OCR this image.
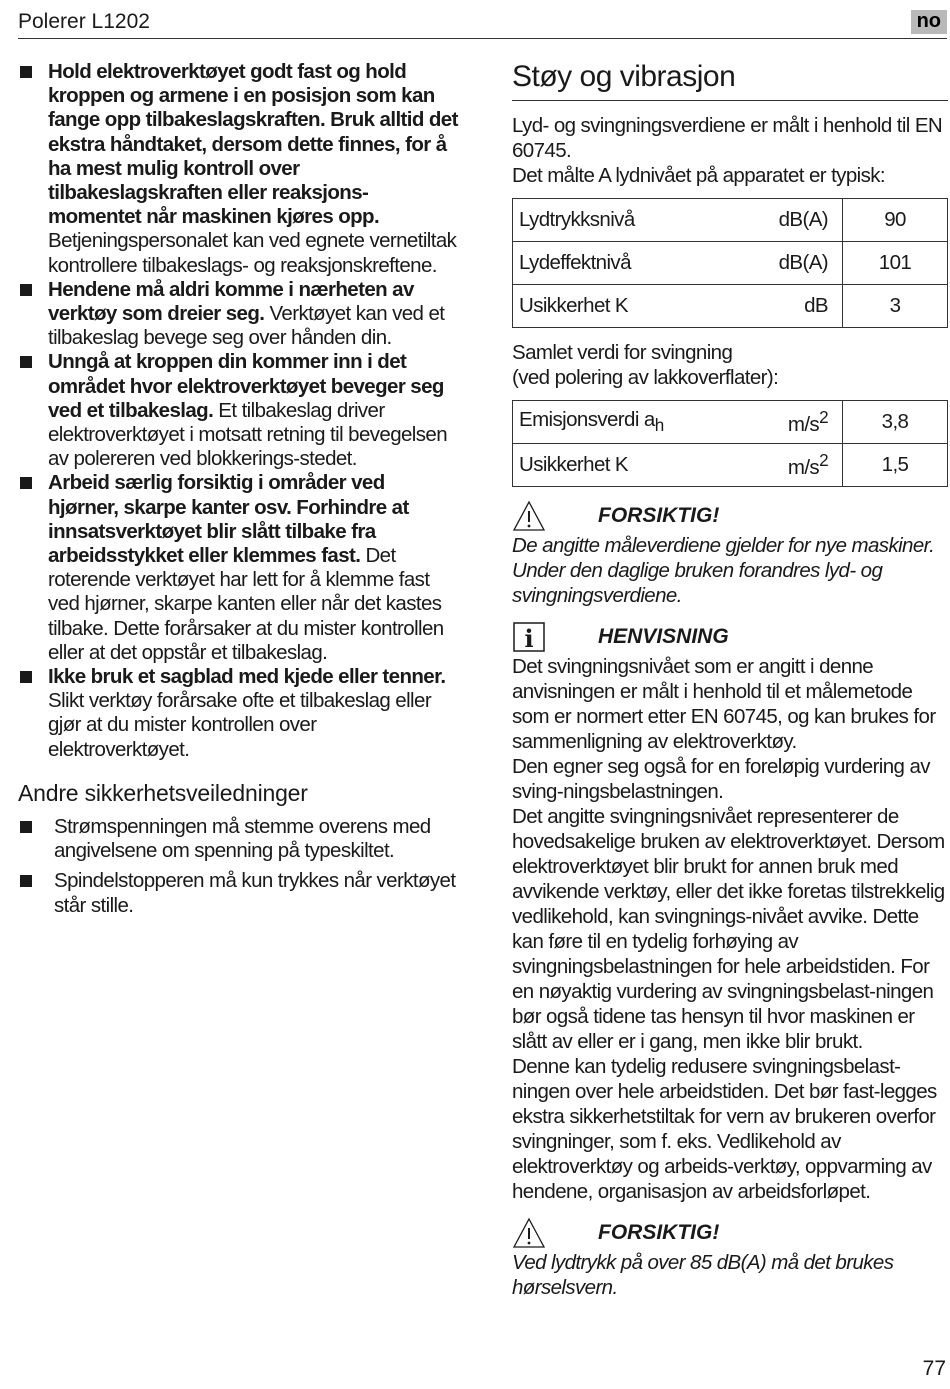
Polerer L1202	no
Hold elektroverktøyet godt fast og hold kroppen og armene i en posisjon som kan fange opp tilbakeslagskraften. Bruk alltid det ekstra håndtaket, dersom dette finnes, for å ha mest mulig kontroll over tilbakeslagskraften eller reaksjons-momentet når maskinen kjøres opp. Betjeningspersonalet kan ved egnete vernetiltak kontrollere tilbakeslags- og reaksjonskreftene.
Hendene må aldri komme i nærheten av verktøy som dreier seg. Verktøyet kan ved et tilbakeslag bevege seg over hånden din.
Unngå at kroppen din kommer inn i det området hvor elektroverktøyet beveger seg ved et tilbakeslag. Et tilbakeslag driver elektroverktøyet i motsatt retning til bevegelsen av polereren ved blokkerings-stedet.
Arbeid særlig forsiktig i områder ved hjørner, skarpe kanter osv. Forhindre at innsatsverktøyet blir slått tilbake fra arbeidsstykket eller klemmes fast. Det roterende verktøyet har lett for å klemme fast ved hjørner, skarpe kanten eller når det kastes tilbake. Dette forårsaker at du mister kontrollen eller at det oppstår et tilbakeslag.
Ikke bruk et sagblad med kjede eller tenner. Slikt verktøy forårsake ofte et tilbakeslag eller gjør at du mister kontrollen over elektroverktøyet.
Andre sikkerhetsveiledninger
Strømspenningen må stemme overens med angivelsene om spenning på typeskiltet.
Spindelstopperen må kun trykkes når verktøyet står stille.
Støy og vibrasjon

Lyd- og svingningsverdiene er målt i henhold til EN 60745.

Det målte A lydnivået på apparatet er typisk:

Lydtrykksnivå	dB(A)	90
Lydeffektnivå	dB(A)	101
Usikkerhet K	dB	3

Samlet verdi for svingning

(ved polering av lakkoverflater):

Emisjonsverdi $a_h$	$m/s^2$	3,8
Usikkerhet K	$m/s^2$	1,5
FORSIKTIG!

De angitte måleverdiene gjelder for nye maskiner. Under den daglige bruken forandres lyd- og svingningsverdiene.

i	HENVISNING

Det svingningsnivået som er angitt i denne anvisningen er målt i henhold til et målemetode som er normert etter EN 60745, og kan brukes for sammenligning av elektroverktøy.

Den egner seg også for en foreløpig vurdering av sving-ningsbelastningen.

Det angitte svingningsnivået representerer de hovedsakelige bruken av elektroverktøyet. Dersom elektroverktøyet blir brukt for annen bruk med avvikende verktøy, eller det ikke foretas tilstrekkelig vedlikehold, kan svingnings-nivået avvike. Dette kan føre til en tydelig forhøying av svingningsbelastningen for hele arbeidstiden. For en nøyaktig vurdering av svingningsbelast-ningen bør også tidene tas hensyn til hvor maskinen er slått av eller er i gang, men ikke blir brukt.

Denne kan tydelig redusere svingningsbelast-ningen over hele arbeidstiden. Det bør fast-legges ekstra sikkerhetstiltak for vern av brukeren overfor svingninger, som f. eks. Vedlikehold av elektroverktøy og arbeids-verktøy, oppvarming av hendene, organisasjon av arbeidsforløpet.

FORSIKTIG!

Ved lydtrykk på over 85 dB(A) må det brukes hørselsvern.

77
